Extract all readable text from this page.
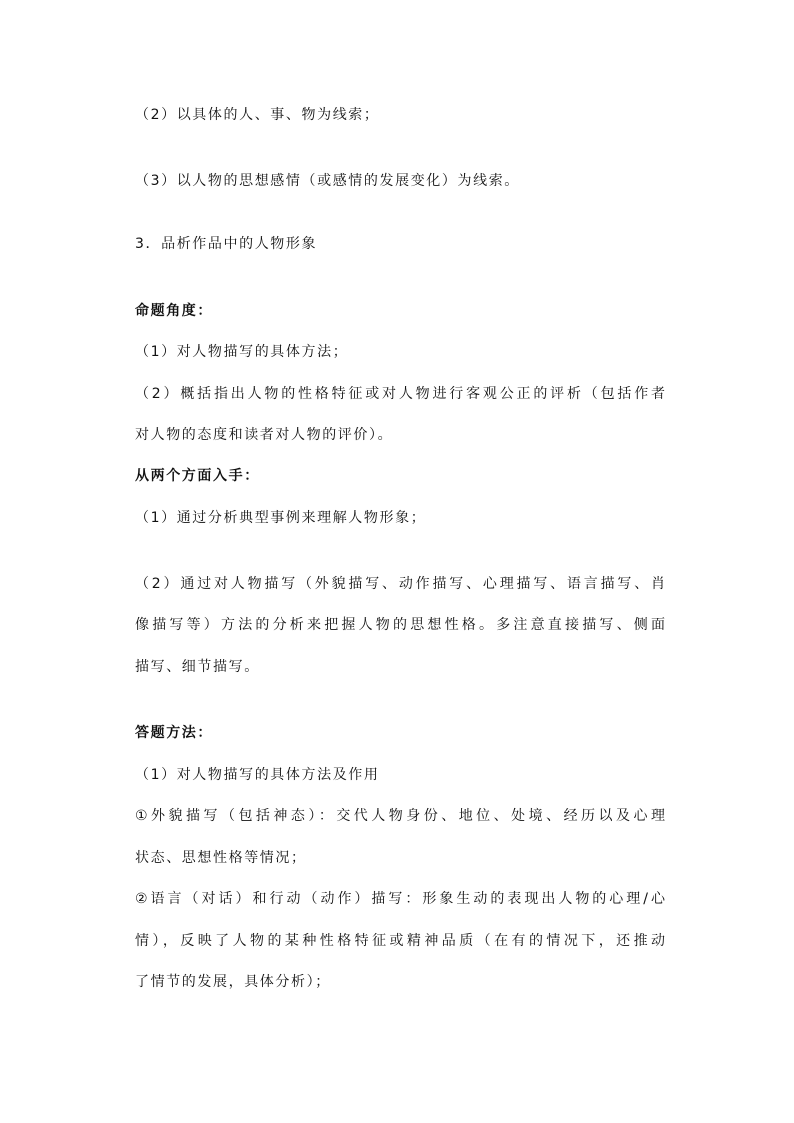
（2）以具体的人、事、物为线索；
（3）以人物的思想感情（或感情的发展变化）为线索。
3．品析作品中的人物形象
命题角度：
（1）对人物描写的具体方法；
（2）概括指出人物的性格特征或对人物进行客观公正的评析（包括作者
对人物的态度和读者对人物的评价）。
从两个方面入手：
（1）通过分析典型事例来理解人物形象；
（2）通过对人物描写（外貌描写、动作描写、心理描写、语言描写、肖
像描写等）方法的分析来把握人物的思想性格。多注意直接描写、侧面
描写、细节描写。
答题方法：
（1）对人物描写的具体方法及作用
①外貌描写（包括神态）：交代人物身份、地位、处境、经历以及心理
状态、思想性格等情况；
②语言（对话）和行动（动作）描写：形象生动的表现出人物的心理/心
情），反映了人物的某种性格特征或精神品质（在有的情况下，还推动
了情节的发展，具体分析）；
